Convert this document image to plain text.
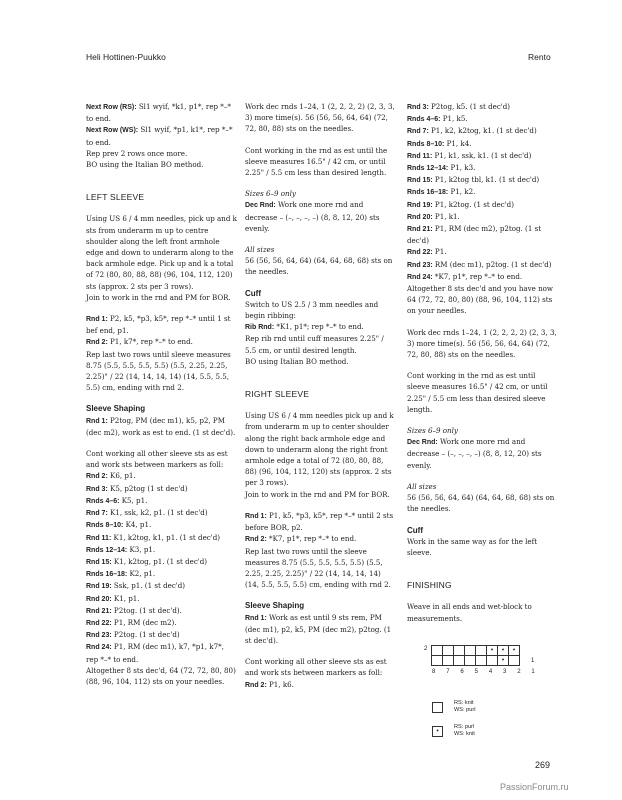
Heli Hottinen-Puukko	Rento

Next Row (RS): Sl1 wyif, *k1, p1*, rep *–* to end.

Next Row (WS): Sl1 wyif, *p1, k1*, rep *–* to end.

Rep prev 2 rows once more.

BO using the Italian BO method.

LEFT SLEEVE

Using US 6 / 4 mm needles, pick up and k sts from underarm m up to centre shoulder along the left front armhole edge and down to underarm along to the back armhole edge. Pick up and k a total of 72 (80, 80, 88, 88) (96, 104, 112, 120) sts (approx. 2 sts per 3 rows).

Join to work in the rnd and PM for BOR.

Rnd 1: P2, k5, *p3, k5*, rep *–* until 1 st bef end, p1.

Rnd 2: P1, k7*, rep *–* to end.

Rep last two rows until sleeve measures 8.75 (5.5, 5.5, 5.5, 5.5) (5.5, 2.25, 2.25, 2.25)" / 22 (14, 14, 14, 14) (14, 5.5, 5.5, 5.5) cm, ending with rnd 2.

Sleeve Shaping

Rnd 1: P2tog, PM (dec m1), k5, p2, PM (dec m2), work as est to end. (1 st dec'd).

Cont working all other sleeve sts as est and work sts between markers as foll:

Rnd 2: K6, p1.

Rnd 3: K5, p2tog (1 st dec'd)

Rnds 4–6: K5, p1.

Rnd 7: K1, ssk, k2, p1. (1 st dec'd)

Rnds 8–10: K4, p1.

Rnd 11: K1, k2tog, k1, p1. (1 st dec'd)

Rnds 12–14: K3, p1.

Rnd 15: K1, k2tog, p1. (1 st dec'd)

Rnds 16–18: K2, p1.

Rnd 19: Ssk, p1. (1 st dec'd)

Rnd 20: K1, p1.

Rnd 21: P2tog. (1 st dec'd).

Rnd 22: P1, RM (dec m2).

Rnd 23: P2tog. (1 st dec'd)

Rnd 24: P1, RM (dec m1), k7, *p1, k7*, rep *–* to end.

Altogether 8 sts dec'd, 64 (72, 72, 80, 80) (88, 96, 104, 112) sts on your needles.

Work dec rnds 1–24, 1 (2, 2, 2, 2) (2, 3, 3, 3) more time(s). 56 (56, 56, 64, 64) (72, 72, 80, 88) sts on the needles.

Cont working in the rnd as est until the sleeve measures 16.5" / 42 cm, or until 2.25" / 5.5 cm less than desired length.

Sizes 6–9 only

Dec Rnd: Work one more rnd and decrease – (–, –, –, –) (8, 8, 12, 20) sts evenly.

All sizes

56 (56, 56, 64, 64) (64, 64, 68, 68) sts on the needles.

Cuff

Switch to US 2.5 / 3 mm needles and begin ribbing:

Rib Rnd: *K1, p1*; rep *–* to end.

Rep rib rnd until cuff measures 2.25" / 5.5 cm, or until desired length.

BO using Italian BO method.

RIGHT SLEEVE

Using US 6 / 4 mm needles pick up and k from underarm m up to center shoulder along the right back armhole edge and down to underarm along the right front armhole edge a total of 72 (80, 80, 88, 88) (96, 104, 112, 120) sts (approx. 2 sts per 3 rows).

Join to work in the rnd and PM for BOR.

Rnd 1: P1, k5, *p3, k5*, rep *–* until 2 sts before BOR, p2.

Rnd 2: *K7, p1*, rep *–* to end.

Rep last two rows until the sleeve measures 8.75 (5.5, 5.5, 5.5, 5.5) (5.5, 2.25, 2.25, 2.25)" / 22 (14, 14, 14, 14) (14, 5.5, 5.5, 5.5) cm, ending with rnd 2.

Sleeve Shaping

Rnd 1: Work as est until 9 sts rem, PM (dec m1), p2, k5, PM (dec m2), p2tog. (1 st dec'd).

Cont working all other sleeve sts as est and work sts between markers as foll:

Rnd 2: P1, k6.

Rnd 3: P2tog, k5. (1 st dec'd)

Rnds 4–6: P1, k5.

Rnd 7: P1, k2, k2tog, k1. (1 st dec'd)

Rnds 8–10: P1, k4.

Rnd 11: P1, k1, ssk, k1. (1 st dec'd)

Rnds 12–14: P1, k3.

Rnd 15: P1, k2tog tbl, k1. (1 st dec'd)

Rnds 16–18: P1, k2.

Rnd 19: P1, k2tog. (1 st dec'd)

Rnd 20: P1, k1.

Rnd 21: P1, RM (dec m2), p2tog. (1 st dec'd)

Rnd 22: P1.

Rnd 23: RM (dec m1), p2tog. (1 st dec'd)

Rnd 24: *K7, p1*, rep *–* to end.

Altogether 8 sts dec'd and you have now 64 (72, 72, 80, 80) (88, 96, 104, 112) sts on your needles.

Work dec rnds 1–24, 1 (2, 2, 2, 2) (2, 3, 3, 3) more time(s). 56 (56, 56, 64, 64) (72, 72, 80, 88) sts on the needles.

Cont working in the rnd as est until sleeve measures 16.5" / 42 cm, or until 2.25" / 5.5 cm less than desired sleeve length.

Sizes 6–9 only

Dec Rnd: Work one more rnd and decrease – (–, –, –, –) (8, 8, 12, 20) sts evenly.

All sizes

56 (56, 56, 64, 64) (64, 64, 68, 68) sts on the needles.

Cuff

Work in the same way as for the left sleeve.

FINISHING

Weave in all ends and wet-block to measurements.

2
1
					•	•	•
						•	
8 7 6 5 4 3 2 1
RS: knit
WS: purl
•
RS: purl
WS: knit
269
PassionForum.ru
